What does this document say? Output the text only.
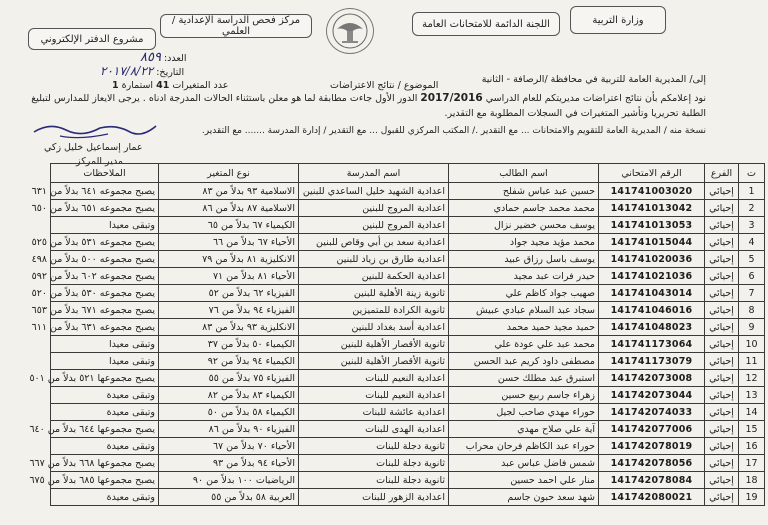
وزارة التربية
اللجنة الدائمة للامتحانات العامة
مركز فحص الدراسة الإعدادية / العلمي
مشروع الدفتر الإلكتروني
العدد: ٨٥٩
التاريخ: ٢٠١٧/٨/٢٢
عدد المتغيرات 41 استمارة 1	الموضوع / نتائج الاعتراضات
إلى/ المديرية العامة للتربية في محافظة /الرصافة - الثانية
نود إعلامكم بأن نتائج اعتراضات مديريتكم للعام الدراسي 2017/2016 الدور الأول جاءت مطابقة لما هو معلن باستثناء الحالات المدرجة ادناه . يرجى الايعاز للمدارس لتبليغ
الطلبة تحريريا وتأشير المتغيرات في السجلات المطلوبة مع التقدير.
نسخة منه / المديرية العامة للتقويم والامتحانات ... مع التقدير ./ المكتب المركزي للقبول ... مع التقدير / إدارة المدرسة ....... مع التقدير.
عمار إسماعيل خليل زكي
مدير المركز
ت	الفرع	الرقم الامتحاني	اسم الطالب	اسم المدرسة	نوع المتغير	الملاحظات
1	إحيائي	141741003020	حسين عبد عباس شفلح	اعدادية الشهيد خليل الساعدي للبنين	الاسلامية ٩٣ بدلاً من ٨٣	يصبح مجموعه ٦٤١ بدلاً من ٦٣١
2	إحيائي	141741013042	محمد محمد جاسم حمادي	اعدادية المروج للبنين	الاسلامية ٨٧ بدلاً من ٨٦	يصبح مجموعه ٦٥١ بدلاً من ٦٥٠
3	إحيائي	141741013053	يوسف محسن خضير نزال	اعدادية المروج للبنين	الكيمياء ٦٧ بدلاً من ٦٥	وتبقى معيدا
4	إحيائي	141741015044	محمد مؤيد مجيد جواد	اعدادية سعد بن أبي وقاص للبنين	الأحياء ٦٧ بدلاً من ٦٦	يصبح مجموعه ٥٣١ بدلاً من ٥٢٥
5	إحيائي	141741020036	يوسف باسل رزاق عبيد	اعدادية طارق بن زياد للبنين	الانكليزية ٨١ بدلاً من ٧٩	يصبح مجموعه ٥٠٠ بدلاً من ٤٩٨
6	إحيائي	141741021036	حيدر فرات عبد مجيد	اعدادية الحكمة للبنين	الأحياء ٨١ بدلاً من ٧١	يصبح مجموعه ٦٠٢ بدلاً من ٥٩٢
7	إحيائي	141741043014	صهيب جواد كاظم علي	ثانوية زينة الأهلية للبنين	الفيزياء ٦٢ بدلاً من ٥٢	يصبح مجموعه ٥٣٠ بدلاً من ٥٢٠
8	إحيائي	141741046016	سجاد عبد السلام عبادي عبيش	ثانوية الكرادة للمتميزين	الفيزياء ٩٤ بدلاً من ٧٦	يصبح مجموعه ٦٧١ بدلاً من ٦٥٣
9	إحيائي	141741048023	حميد مجيد حميد محمد	اعدادية أسد بغداد للبنين	الانكليزية ٩٣ بدلاً من ٨٣	يصبح مجموعه ٦٣١ بدلاً من ٦١١
10	إحيائي	141741173064	محمد عبد علي عودة علي	ثانوية الأقصار الأهلية للبنين	الكيمياء ٥٠ بدلاً من ٣٧	وتبقى معيدا
11	إحيائي	141741173079	مصطفى داود كريم عبد الحسن	ثانوية الأقصار الأهلية للبنين	الكيمياء ٩٤ بدلاً من ٩٢	وتبقى معيدا
12	إحيائي	141742073008	استبرق عبد مطلك حسن	اعدادية النعيم للبنات	الفيزياء ٧٥ بدلاً من ٥٥	يصبح مجموعها ٥٢١ بدلاً من ٥٠١
13	إحيائي	141742073044	زهراء جاسم ربيع حسين	اعدادية النعيم للبنات	الكيمياء ٨٣ بدلاً من ٨٢	وتبقى معيدة
14	إحيائي	141742074033	حوراء مهدي صاحب لجيل	اعدادية عائشة للبنات	الكيمياء ٥٨ بدلاً من ٥٠	وتبقى معيدة
15	إحيائي	141742077006	آية علي صلاح مهدي	اعدادية الهدى للبنات	الفيزياء ٩٠ بدلاً من ٨٦	يصبح مجموعها ٦٤٤ بدلاً من ٦٤٠
16	إحيائي	141742078019	حوراء عبد الكاظم فرحان محراب	ثانوية دجلة للبنات	الأحياء ٧٠ بدلاً من ٦٧	وتبقى معيدة
17	إحيائي	141742078056	شمس فاضل عباس عبد	ثانوية دجلة للبنات	الأحياء ٩٤ بدلاً من ٩٣	يصبح مجموعها ٦٦٨ بدلاً من ٦٦٧
18	إحيائي	141742078084	منار علي احمد حسين	ثانوية دجلة للبنات	الرياضيات ١٠٠ بدلاً من ٩٠	يصبح مجموعها ٦٨٥ بدلاً من ٦٧٥
19	إحيائي	141742080021	شهد سعد حبون جاسم	اعدادية الزهور للبنات	العربية ٥٨ بدلاً من ٥٥	وتبقى معيدة
